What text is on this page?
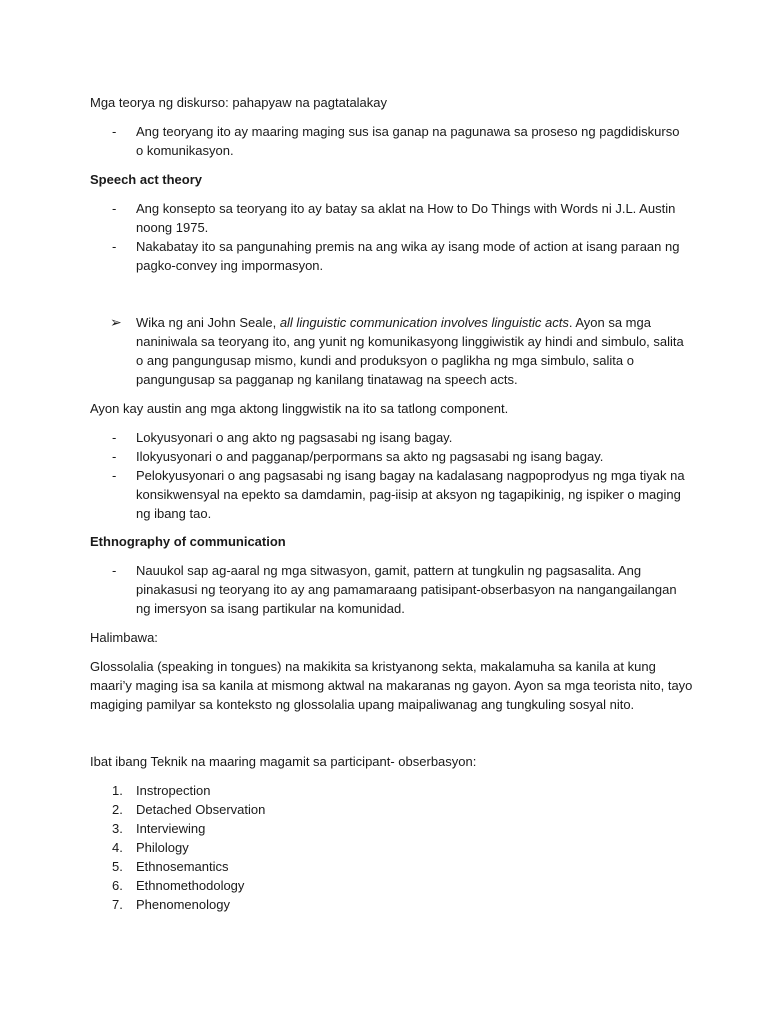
Mga teorya ng diskurso: pahapyaw na pagtatalakay

- Ang teoryang ito ay maaring maging sus isa ganap na pagunawa sa proseso ng pagdidiskurso o komunikasyon.

Speech act theory

- Ang konsepto sa teoryang ito ay batay sa aklat na How to Do Things with Words ni J.L. Austin noong 1975.
- Nakabatay ito sa pangunahing premis na ang wika ay isang mode of action at isang paraan ng pagko-convey ing impormasyon.
➢ Wika ng ani John Seale, all linguistic communication involves linguistic acts. Ayon sa mga naniniwala sa teoryang ito, ang yunit ng komunikasyong linggiwistik ay hindi and simbulo, salita o ang pangungusap mismo, kundi and produksyon o paglikha ng mga simbulo, salita o pangungusap sa pagganap ng kanilang tinatawag na speech acts.

Ayon kay austin ang mga aktong linggwistik na ito sa tatlong component.

- Lokyusyonari o ang akto ng pagsasabi ng isang bagay.
- Ilokyusyonari o and pagganap/perpormans sa akto ng pagsasabi ng isang bagay.
- Pelokyusyonari o ang pagsasabi ng isang bagay na kadalasang nagpoprodyus ng mga tiyak na konsikwensyal na epekto sa damdamin, pag-iisip at aksyon ng tagapikinig, ng ispiker o maging ng ibang tao.

Ethnography of communication

- Nauukol sap ag-aaral ng mga sitwasyon, gamit, pattern at tungkulin ng pagsasalita. Ang pinakasusi ng teoryang ito ay ang pamamaraang patisipant-obserbasyon na nangangailangan ng imersyon sa isang partikular na komunidad.

Halimbawa:

Glossolalia (speaking in tongues) na makikita sa kristyanong sekta, makalamuha sa kanila at kung maari’y maging isa sa kanila at mismong aktwal na makaranas ng gayon. Ayon sa mga teorista nito, tayo magiging pamilyar sa konteksto ng glossolalia upang maipaliwanag ang tungkuling sosyal nito.

Ibat ibang Teknik na maaring magamit sa participant- obserbasyon:

1.	Instropection
2.	Detached Observation
3.	Interviewing
4.	Philology
5.	Ethnosemantics
6.	Ethnomethodology
7.	Phenomenology
